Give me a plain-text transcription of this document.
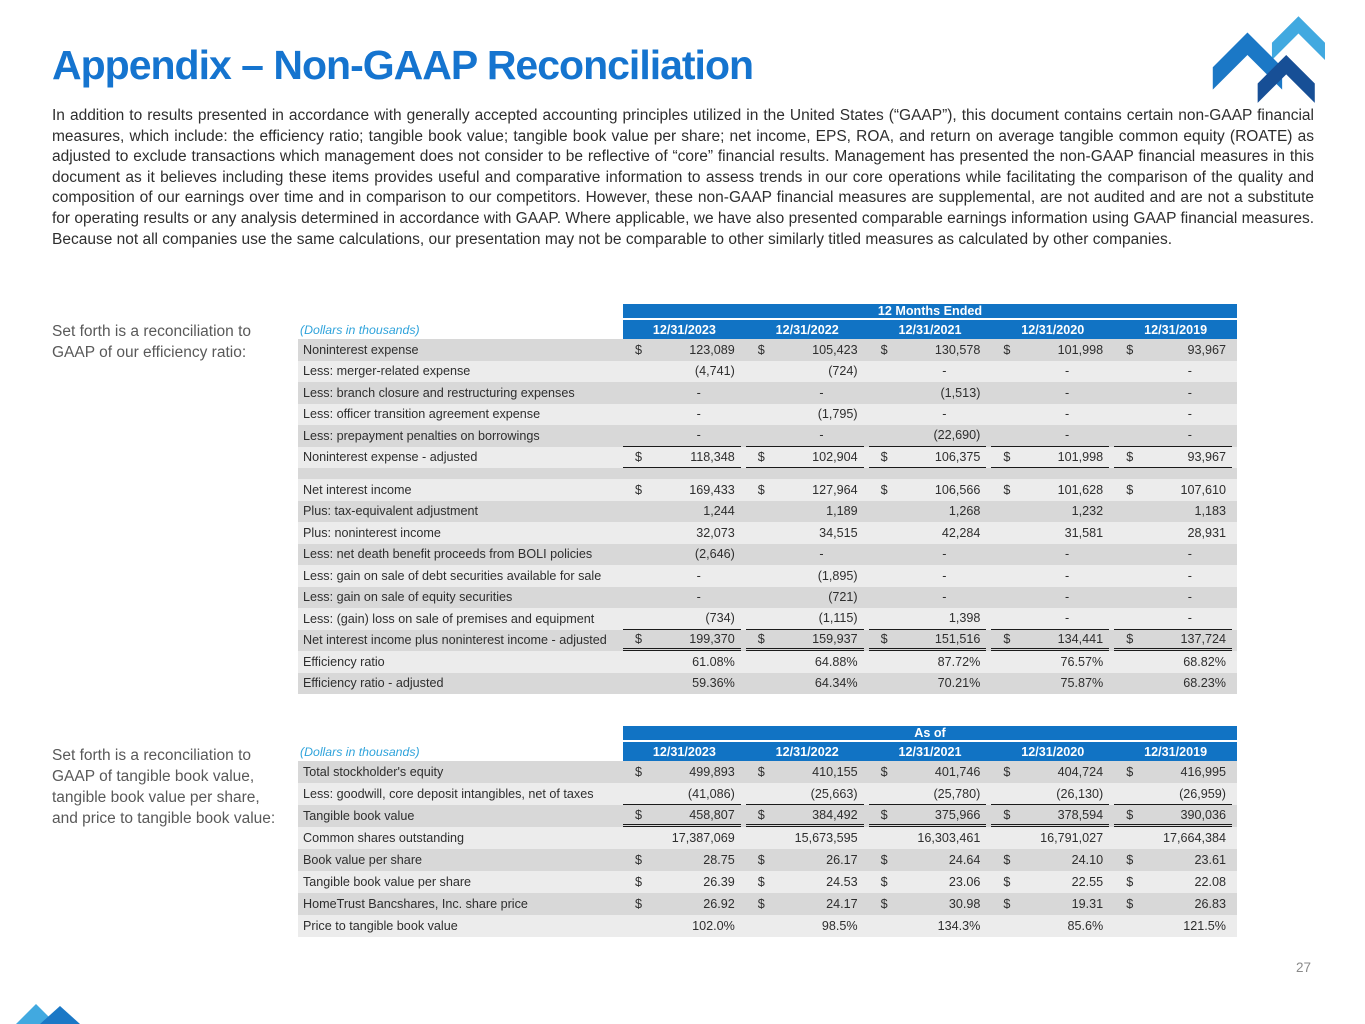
Appendix – Non-GAAP Reconciliation
In addition to results presented in accordance with generally accepted accounting principles utilized in the United States (“GAAP”), this document contains certain non-GAAP financial measures, which include: the efficiency ratio; tangible book value; tangible book value per share; net income, EPS, ROA, and return on average tangible common equity (ROATE) as adjusted to exclude transactions which management does not consider to be reflective of “core” financial results. Management has presented the non-GAAP financial measures in this document as it believes including these items provides useful and comparative information to assess trends in our core operations while facilitating the comparison of the quality and composition of our earnings over time and in comparison to our competitors. However, these non-GAAP financial measures are supplemental, are not audited and are not a substitute for operating results or any analysis determined in accordance with GAAP. Where applicable, we have also presented comparable earnings information using GAAP financial measures. Because not all companies use the same calculations, our presentation may not be comparable to other similarly titled measures as calculated by other companies.
Set forth is a reconciliation to GAAP of our efficiency ratio:
Set forth is a reconciliation to GAAP of tangible book value, tangible book value per share, and price to tangible book value:
12 Months Ended
(Dollars in thousands)	12/31/2023	12/31/2022	12/31/2021	12/31/2020	12/31/2019
Noninterest expense	$	123,089	$	105,423	$	130,578	$	101,998	$	93,967
Less: merger-related expense	(4,741)	(724)	-	-	-
Less: branch closure and restructuring expenses	-	-	(1,513)	-	-
Less: officer transition agreement expense	-	(1,795)	-	-	-
Less: prepayment penalties on borrowings	-	-	(22,690)	-	-
Noninterest expense - adjusted	$	118,348	$	102,904	$	106,375	$	101,998	$	93,967
Net interest income	$	169,433	$	127,964	$	106,566	$	101,628	$	107,610
Plus: tax-equivalent adjustment	1,244	1,189	1,268	1,232	1,183
Plus: noninterest income	32,073	34,515	42,284	31,581	28,931
Less: net death benefit proceeds from BOLI policies	(2,646)	-	-	-	-
Less: gain on sale of debt securities available for sale	-	(1,895)	-	-	-
Less: gain on sale of equity securities	-	(721)	-	-	-
Less: (gain) loss on sale of premises and equipment	(734)	(1,115)	1,398	-	-
Net interest income plus noninterest income - adjusted	$	199,370	$	159,937	$	151,516	$	134,441	$	137,724
Efficiency ratio	61.08%	64.88%	87.72%	76.57%	68.82%
Efficiency ratio - adjusted	59.36%	64.34%	70.21%	75.87%	68.23%
As of
(Dollars in thousands)	12/31/2023	12/31/2022	12/31/2021	12/31/2020	12/31/2019
Total stockholder's equity	$	499,893	$	410,155	$	401,746	$	404,724	$	416,995
Less: goodwill, core deposit intangibles, net of taxes	(41,086)	(25,663)	(25,780)	(26,130)	(26,959)
Tangible book value	$	458,807	$	384,492	$	375,966	$	378,594	$	390,036
Common shares outstanding	17,387,069	15,673,595	16,303,461	16,791,027	17,664,384
Book value per share	$	28.75	$	26.17	$	24.64	$	24.10	$	23.61
Tangible book value per share	$	26.39	$	24.53	$	23.06	$	22.55	$	22.08
HomeTrust Bancshares, Inc. share price	$	26.92	$	24.17	$	30.98	$	19.31	$	26.83
Price to tangible book value	102.0%	98.5%	134.3%	85.6%	121.5%
27
